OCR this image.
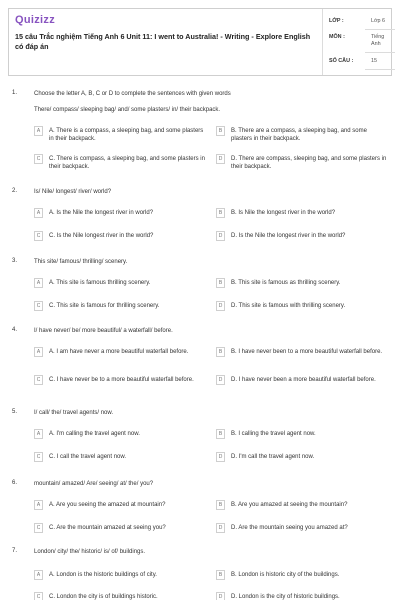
Quizizz
15 câu Trắc nghiệm Tiếng Anh 6 Unit 11: I went to Australia! - Writing - Explore English có đáp án
LỚP :	Lớp 6
MÔN :	Tiếng Anh
SỐ CÂU :	15
1.	Choose the letter A, B, C or D to complete the sentences with given words
There/ compass/ sleeping bag/ and/ some plasters/ in/ their backpack.
A	A. There is a compass, a sleeping bag, and some plasters in their backpack.
B	B. There are a compass, a sleeping bag, and some plasters in their backpack.
C	C. There is compass, a sleeping bag, and some plasters in their backpack.
D	D. There are compass, sleeping bag, and some plasters in their backpack.
2.	Is/ Nile/ longest/ river/ world?
A	A. Is the Nile the longest river in world?	B	B. Is Nile the longest river in the world?
C	C. Is the Nile longest river in the world?	D	D. Is the Nile the longest river in the world?
3.	This site/ famous/ thrilling/ scenery.
A	A. This site is famous thrilling scenery.	B	B. This site is famous as thrilling scenery.
C	C. This site is famous for thrilling scenery.	D	D. This site is famous with thrilling scenery.
4.	I/ have never/ be/ more beautiful/ a waterfall/ before.
A	A. I am have never a more beautiful waterfall before.	B	B. I have never been to a more beautiful waterfall before.
C	C. I have never be to a more beautiful waterfall before.	D	D. I have never been a more beautiful waterfall before.
5.	I/ call/ the/ travel agents/ now.
A	A. I'm calling the travel agent now.	B	B. I calling the travel agent now.
C	C. I call the travel agent now.	D	D. I'm call the travel agent now.
6.	mountain/ amazed/ Are/ seeing/ at/ the/ you?
A	A. Are you seeing the amazed at mountain?	B	B. Are you amazed at seeing the mountain?
C	C. Are the mountain amazed at seeing you?	D	D. Are the mountain seeing you amazed at?
7.	London/ city/ the/ historic/ is/ of/ buildings.
A	A. London is the historic buildings of city.	B	B. London is historic city of the buildings.
C	C. London the city is of buildings historic.	D	D. London is the city of historic buildings.
